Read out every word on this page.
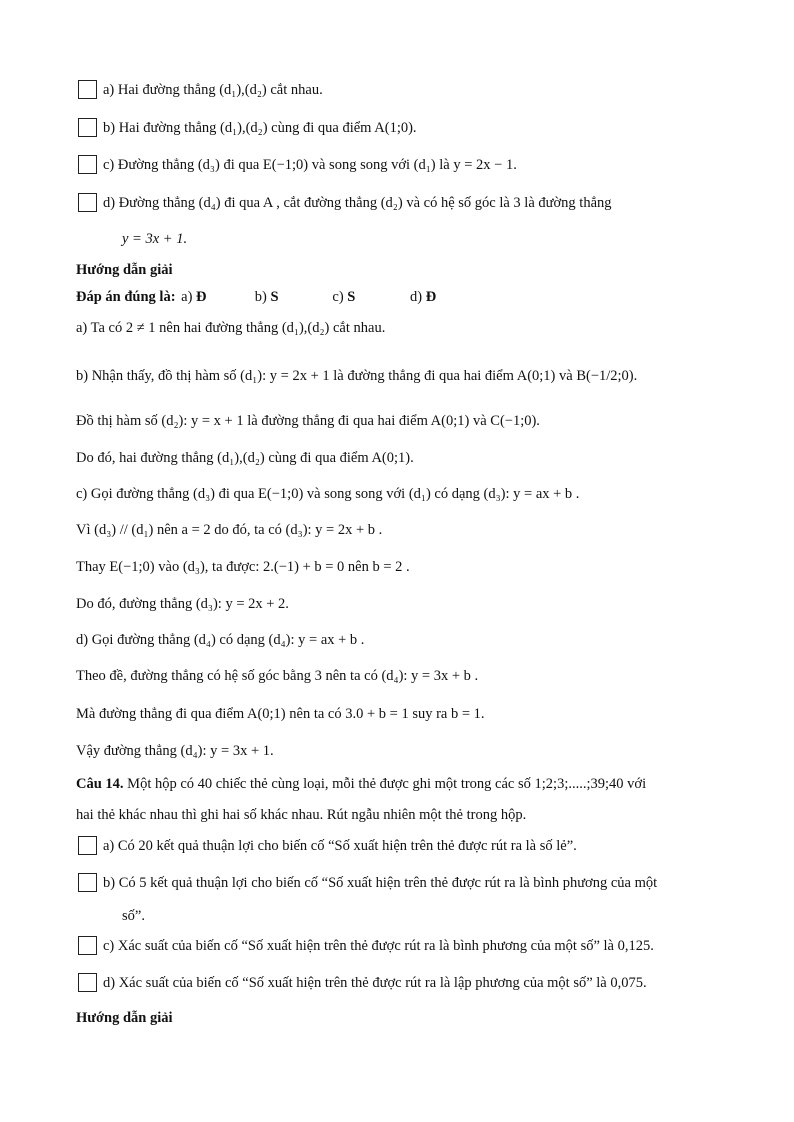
a) Hai đường thẳng (d₁),(d₂) cắt nhau.
b) Hai đường thẳng (d₁),(d₂) cùng đi qua điểm A(1;0).
c) Đường thẳng (d₃) đi qua E(−1;0) và song song với (d₁) là y = 2x − 1.
d) Đường thẳng (d₄) đi qua A , cắt đường thẳng (d₂) và có hệ số góc là 3 là đường thẳng
y = 3x + 1.
Hướng dẫn giải
Đáp án đúng là: a) Đ	b) S	c) S	d) Đ
a) Ta có 2 ≠ 1 nên hai đường thẳng (d₁),(d₂) cắt nhau.
b) Nhận thấy, đồ thị hàm số (d₁): y = 2x + 1 là đường thẳng đi qua hai điểm A(0;1) và B(−1/2;0).
Đồ thị hàm số (d₂): y = x + 1 là đường thẳng đi qua hai điểm A(0;1) và C(−1;0).
Do đó, hai đường thẳng (d₁),(d₂) cùng đi qua điểm A(0;1).
c) Gọi đường thẳng (d₃) đi qua E(−1;0) và song song với (d₁) có dạng (d₃): y = ax + b .
Vì (d₃) // (d₁) nên a = 2 do đó, ta có (d₃): y = 2x + b .
Thay E(−1;0) vào (d₃), ta được: 2.(−1) + b = 0 nên b = 2 .
Do đó, đường thẳng (d₃): y = 2x + 2.
d) Gọi đường thẳng (d₄) có dạng (d₄): y = ax + b .
Theo đề, đường thẳng có hệ số góc bằng 3 nên ta có (d₄): y = 3x + b .
Mà đường thẳng đi qua điểm A(0;1) nên ta có 3.0 + b = 1 suy ra b = 1.
Vậy đường thẳng (d₄): y = 3x + 1.
Câu 14. Một hộp có 40 chiếc thẻ cùng loại, mỗi thẻ được ghi một trong các số 1;2;3;.....;39;40 với
hai thẻ khác nhau thì ghi hai số khác nhau. Rút ngẫu nhiên một thẻ trong hộp.
a) Có 20 kết quả thuận lợi cho biến cố “Số xuất hiện trên thẻ được rút ra là số lẻ”.
b) Có 5 kết quả thuận lợi cho biến cố “Số xuất hiện trên thẻ được rút ra là bình phương của một
số”.
c) Xác suất của biến cố “Số xuất hiện trên thẻ được rút ra là bình phương của một số” là 0,125.
d) Xác suất của biến cố “Số xuất hiện trên thẻ được rút ra là lập phương của một số” là 0,075.
Hướng dẫn giải
